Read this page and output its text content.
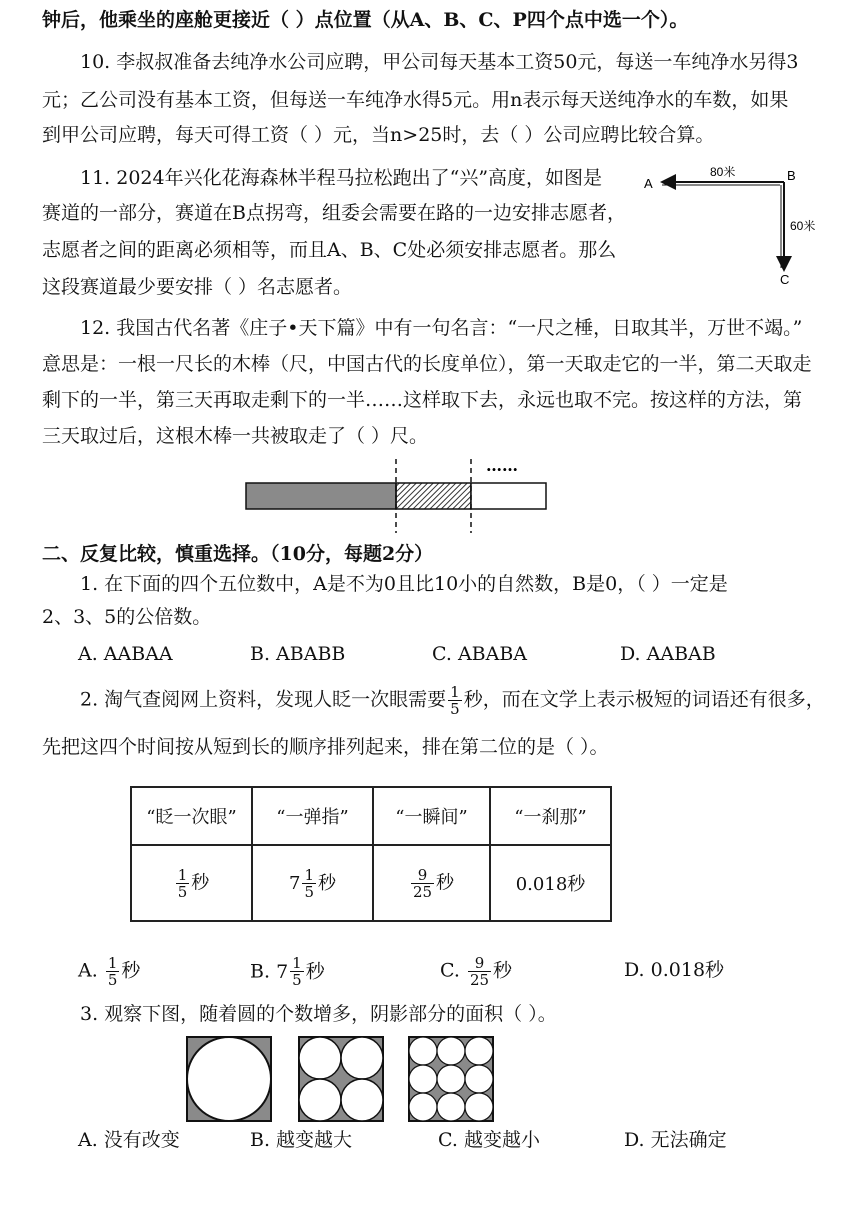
钟后，他乘坐的座舱更接近（ ）点位置（从A、B、C、P四个点中选一个）。
10. 李叔叔准备去纯净水公司应聘，甲公司每天基本工资50元，每送一车纯净水另得3
元；乙公司没有基本工资，但每送一车纯净水得5元。用n表示每天送纯净水的车数，如果
到甲公司应聘，每天可得工资（ ）元，当n>25时，去（ ）公司应聘比较合算。
11. 2024年兴化花海森林半程马拉松跑出了“兴”高度，如图是
赛道的一部分，赛道在B点拐弯，组委会需要在路的一边安排志愿者，
志愿者之间的距离必须相等，而且A、B、C处必须安排志愿者。那么
这段赛道最少要安排（ ）名志愿者。
A
B
C
80米
60米
12. 我国古代名著《庄子•天下篇》中有一句名言：“一尺之棰，日取其半，万世不竭。”
意思是：一根一尺长的木棒（尺，中国古代的长度单位），第一天取走它的一半，第二天取走
剩下的一半，第三天再取走剩下的一半……这样取下去，永远也取不完。按这样的方法，第
三天取过后，这根木棒一共被取走了（ ）尺。
……
二、反复比较，慎重选择。（10分，每题2分）
1. 在下面的四个五位数中，A是不为0且比10小的自然数，B是0，（ ）一定是
2、3、5的公倍数。
A. AABAA	B. ABABB	C. ABABA	D. AABAB
2. 淘气查阅网上资料，发现人眨一次眼需要 $\frac{1}{5}$ 秒，而在文学上表示极短的词语还有很多，
先把这四个时间按从短到长的顺序排列起来，排在第二位的是（ ）。
“眨一次眼”	“一弹指”	“一瞬间”	“一刹那”

$\frac{1}{5}$ 秒	$7 \frac{1}{5}$ 秒	$\frac{9}{25}$ 秒	0.018秒
A. $\frac{1}{5}$ 秒	B. $7 \frac{1}{5}$ 秒	C. $\frac{9}{25}$ 秒	D. 0.018秒
3. 观察下图，随着圆的个数增多，阴影部分的面积（ ）。
A. 没有改变	B. 越变越大	C. 越变越小	D. 无法确定
